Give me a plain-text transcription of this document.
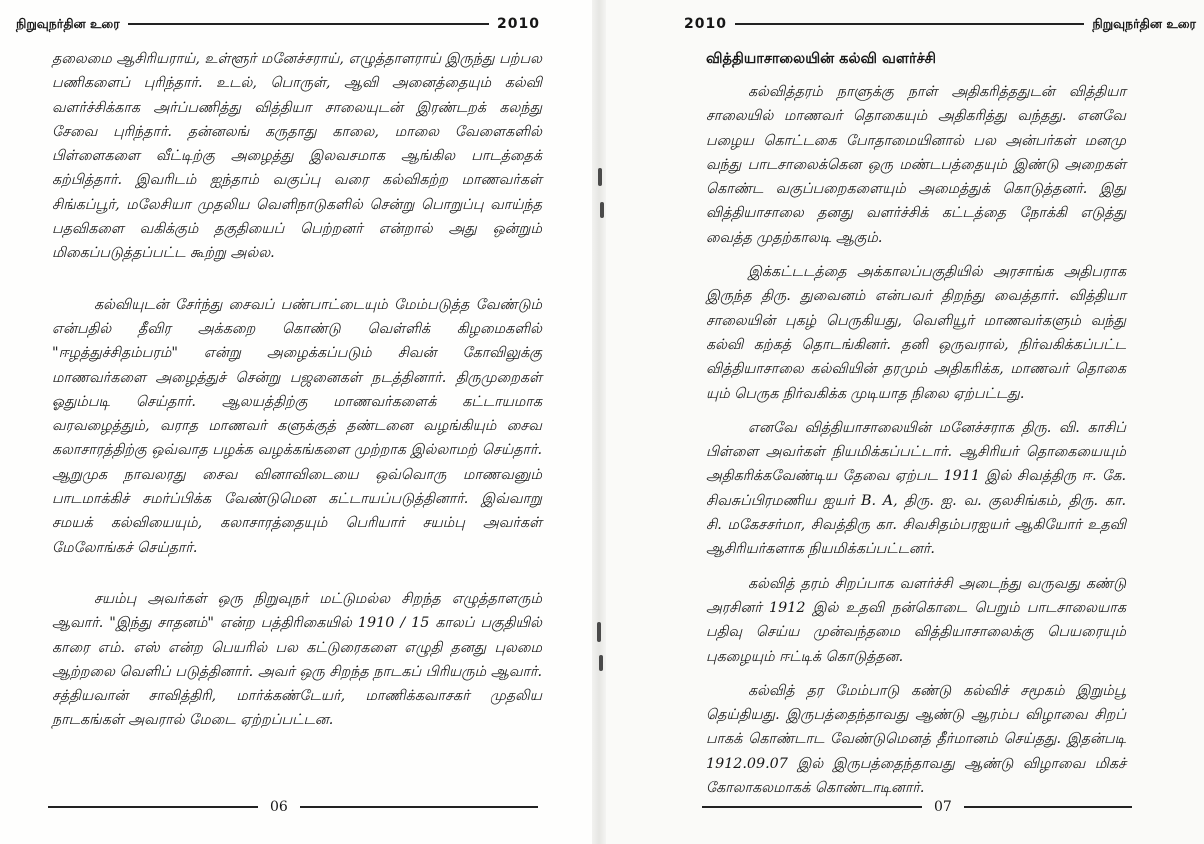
நிறுவுநர்தின உரை	2010

தலைமை ஆசிரியராய், உள்ளூர் மனேச்சராய், எழுத்தாளராய் இருந்து பற்பல பணிகளைப் புரிந்தார். உடல், பொருள், ஆவி அனைத்தையும் கல்வி வளர்ச்சிக்காக அர்ப்பணித்து வித்தியா சாலையுடன் இரண்டறக் கலந்து சேவை புரிந்தார். தன்னலங் கருதாது காலை, மாலை வேளைகளில் பிள்ளைகளை வீட்டிற்கு அழைத்து இலவசமாக ஆங்கில பாடத்தைக் கற்பித்தார். இவரிடம் ஐந்தாம் வகுப்பு வரை கல்விகற்ற மாணவர்கள் சிங்கப்பூர், மலேசியா முதலிய வெளிநாடுகளில் சென்று பொறுப்பு வாய்ந்த பதவிகளை வகிக்கும் தகுதியைப் பெற்றனர் என்றால் அது ஒன்றும் மிகைப்படுத்தப்பட்ட கூற்று அல்ல.

கல்வியுடன் சேர்ந்து சைவப் பண்பாட்டையும் மேம்படுத்த வேண்டும் என்பதில் தீவிர அக்கறை கொண்டு வெள்ளிக் கிழமைகளில் "ஈழத்துச்சிதம்பரம்" என்று அழைக்கப்படும் சிவன் கோவிலுக்கு மாணவர்களை அழைத்துச் சென்று பஜனைகள் நடத்தினார். திருமுறைகள் ஓதும்படி செய்தார். ஆலயத்திற்கு மாணவர்களைக் கட்டாயமாக வரவழைத்தும், வராத மாணவர் களுக்குத் தண்டனை வழங்கியும் சைவ கலாசாரத்திற்கு ஒவ்வாத பழக்க வழக்கங்களை முற்றாக இல்லாமற் செய்தார். ஆறுமுக நாவலரது சைவ வினாவிடையை ஒவ்வொரு மாணவனும் பாடமாக்கிச் சமர்ப்பிக்க வேண்டுமென கட்டாயப்படுத்தினார். இவ்வாறு சமயக் கல்வியையும், கலாசாரத்தையும் பெரியார் சயம்பு அவர்கள் மேலோங்கச் செய்தார்.

சயம்பு அவர்கள் ஒரு நிறுவுநர் மட்டுமல்ல சிறந்த எழுத்தாளரும் ஆவார். "இந்து சாதனம்" என்ற பத்திரிகையில் 1910 / 15 காலப் பகுதியில் காரை எம். எஸ் என்ற பெயரில் பல கட்டுரைகளை எழுதி தனது புலமை ஆற்றலை வெளிப் படுத்தினார். அவர் ஒரு சிறந்த நாடகப் பிரியரும் ஆவார். சத்தியவான் சாவித்திரி, மார்க்கண்டேயர், மாணிக்கவாசகர் முதலிய நாடகங்கள் அவரால் மேடை ஏற்றப்பட்டன.

06
2010	நிறுவுநர்தின உரை

வித்தியாசாலையின் கல்வி வளர்ச்சி

கல்வித்தரம் நாளுக்கு நாள் அதிகரித்ததுடன் வித்தியா சாலையில் மாணவர் தொகையும் அதிகரித்து வந்தது. எனவே பழைய கொட்டகை போதாமையினால் பல அன்பர்கள் மனமு வந்து பாடசாலைக்கென ஒரு மண்டபத்தையும் இண்டு அறைகள் கொண்ட வகுப்பறைகளையும் அமைத்துக் கொடுத்தனர். இது வித்தியாசாலை தனது வளர்ச்சிக் கட்டத்தை நோக்கி எடுத்து வைத்த முதற்காலடி ஆகும்.

இக்கட்டடத்தை அக்காலப்பகுதியில் அரசாங்க அதிபராக இருந்த திரு. துவைனம் என்பவர் திறந்து வைத்தார். வித்தியா சாலையின் புகழ் பெருகியது, வெளியூர் மாணவர்களும் வந்து கல்வி கற்கத் தொடங்கினர். தனி ஒருவரால், நிர்வகிக்கப்பட்ட வித்தியாசாலை கல்வியின் தரமும் அதிகரிக்க, மாணவர் தொகை யும் பெருக நிர்வகிக்க முடியாத நிலை ஏற்பட்டது.

எனவே வித்தியாசாலையின் மனேச்சராக திரு. வி. காசிப் பிள்ளை அவர்கள் நியமிக்கப்பட்டார். ஆசிரியர் தொகையையும் அதிகரிக்கவேண்டிய தேவை ஏற்பட 1911 இல் சிவத்திரு ஈ. கே. சிவசுப்பிரமணிய ஐயர் B. A, திரு. ஐ. வ. குலசிங்கம், திரு. கா. சி. மகேசசர்மா, சிவத்திரு கா. சிவசிதம்பரஐயர் ஆகியோர் உதவி ஆசிரியர்களாக நியமிக்கப்பட்டனர்.

கல்வித் தரம் சிறப்பாக வளர்ச்சி அடைந்து வருவது கண்டு அரசினர் 1912 இல் உதவி நன்கொடை பெறும் பாடசாலையாக பதிவு செய்ய முன்வந்தமை வித்தியாசாலைக்கு பெயரையும் புகழையும் ஈட்டிக் கொடுத்தன.

கல்வித் தர மேம்பாடு கண்டு கல்விச் சமூகம் இறும்பூ தெய்தியது. இருபத்தைந்தாவது ஆண்டு ஆரம்ப விழாவை சிறப் பாகக் கொண்டாட வேண்டுமெனத் தீர்மானம் செய்தது. இதன்படி 1912.09.07 இல் இருபத்தைந்தாவது ஆண்டு விழாவை மிகச் கோலாகலமாகக் கொண்டாடினார்.

07
